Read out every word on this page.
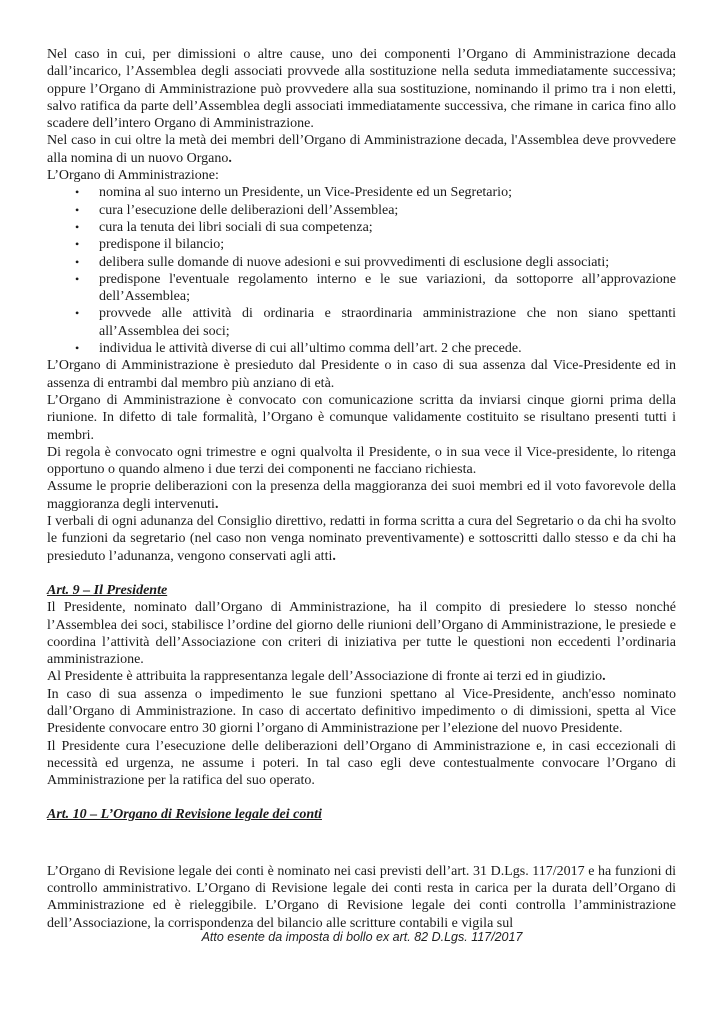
Nel caso in cui, per dimissioni o altre cause, uno dei componenti l’Organo di Amministrazione decada dall’incarico, l’Assemblea degli associati provvede alla sostituzione nella seduta immediatamente successiva; oppure l’Organo di Amministrazione può provvedere alla sua sostituzione, nominando il primo tra i non eletti, salvo ratifica da parte dell’Assemblea degli associati immediatamente successiva, che rimane in carica fino allo scadere dell’intero Organo di Amministrazione.

Nel caso in cui oltre la metà dei membri dell’Organo di Amministrazione decada, l'Assemblea deve provvedere alla nomina di un nuovo Organo.

L’Organo di Amministrazione:

• nomina al suo interno un Presidente, un Vice-Presidente ed un Segretario;
• cura l’esecuzione delle deliberazioni dell’Assemblea;
• cura la tenuta dei libri sociali di sua competenza;
• predispone il bilancio;
• delibera sulle domande di nuove adesioni e sui provvedimenti di esclusione degli associati;
• predispone l'eventuale regolamento interno e le sue variazioni, da sottoporre all’approvazione dell’Assemblea;
• provvede alle attività di ordinaria e straordinaria amministrazione che non siano spettanti all’Assemblea dei soci;
• individua le attività diverse di cui all’ultimo comma dell’art. 2 che precede.

L’Organo di Amministrazione è presieduto dal Presidente o in caso di sua assenza dal Vice-Presidente ed in assenza di entrambi dal membro più anziano di età.

L’Organo di Amministrazione è convocato con comunicazione scritta da inviarsi cinque giorni prima della riunione. In difetto di tale formalità, l’Organo è comunque validamente costituito se risultano presenti tutti i membri.

Di regola è convocato ogni trimestre e ogni qualvolta il Presidente, o in sua vece il Vice-presidente, lo ritenga opportuno o quando almeno i due terzi dei componenti ne facciano richiesta.

Assume le proprie deliberazioni con la presenza della maggioranza dei suoi membri ed il voto favorevole della maggioranza degli intervenuti.

I verbali di ogni adunanza del Consiglio direttivo, redatti in forma scritta a cura del Segretario o da chi ha svolto le funzioni da segretario (nel caso non venga nominato preventivamente) e sottoscritti dallo stesso e da chi ha presieduto l’adunanza, vengono conservati agli atti.

Art. 9 – Il Presidente

Il Presidente, nominato dall’Organo di Amministrazione, ha il compito di presiedere lo stesso nonché l’Assemblea dei soci, stabilisce l’ordine del giorno delle riunioni dell’Organo di Amministrazione, le presiede e coordina l’attività dell’Associazione con criteri di iniziativa per tutte le questioni non eccedenti l’ordinaria amministrazione.

Al Presidente è attribuita la rappresentanza legale dell’Associazione di fronte ai terzi ed in giudizio.

In caso di sua assenza o impedimento le sue funzioni spettano al Vice-Presidente, anch'esso nominato dall’Organo di Amministrazione. In caso di accertato definitivo impedimento o di dimissioni, spetta al Vice Presidente convocare entro 30 giorni l’organo di Amministrazione per l’elezione del nuovo Presidente.

Il Presidente cura l’esecuzione delle deliberazioni dell’Organo di Amministrazione e, in casi eccezionali di necessità ed urgenza, ne assume i poteri. In tal caso egli deve contestualmente convocare l’Organo di Amministrazione per la ratifica del suo operato.

Art. 10 – L’Organo di Revisione legale dei conti

L’Organo di Revisione legale dei conti è nominato nei casi previsti dell’art. 31 D.Lgs. 117/2017 e ha funzioni di controllo amministrativo. L’Organo di Revisione legale dei conti resta in carica per la durata dell’Organo di Amministrazione ed è rieleggibile. L’Organo di Revisione legale dei conti controlla l’amministrazione dell’Associazione, la corrispondenza del bilancio alle scritture contabili e vigila sul

Atto esente da imposta di bollo ex art. 82 D.Lgs. 117/2017
